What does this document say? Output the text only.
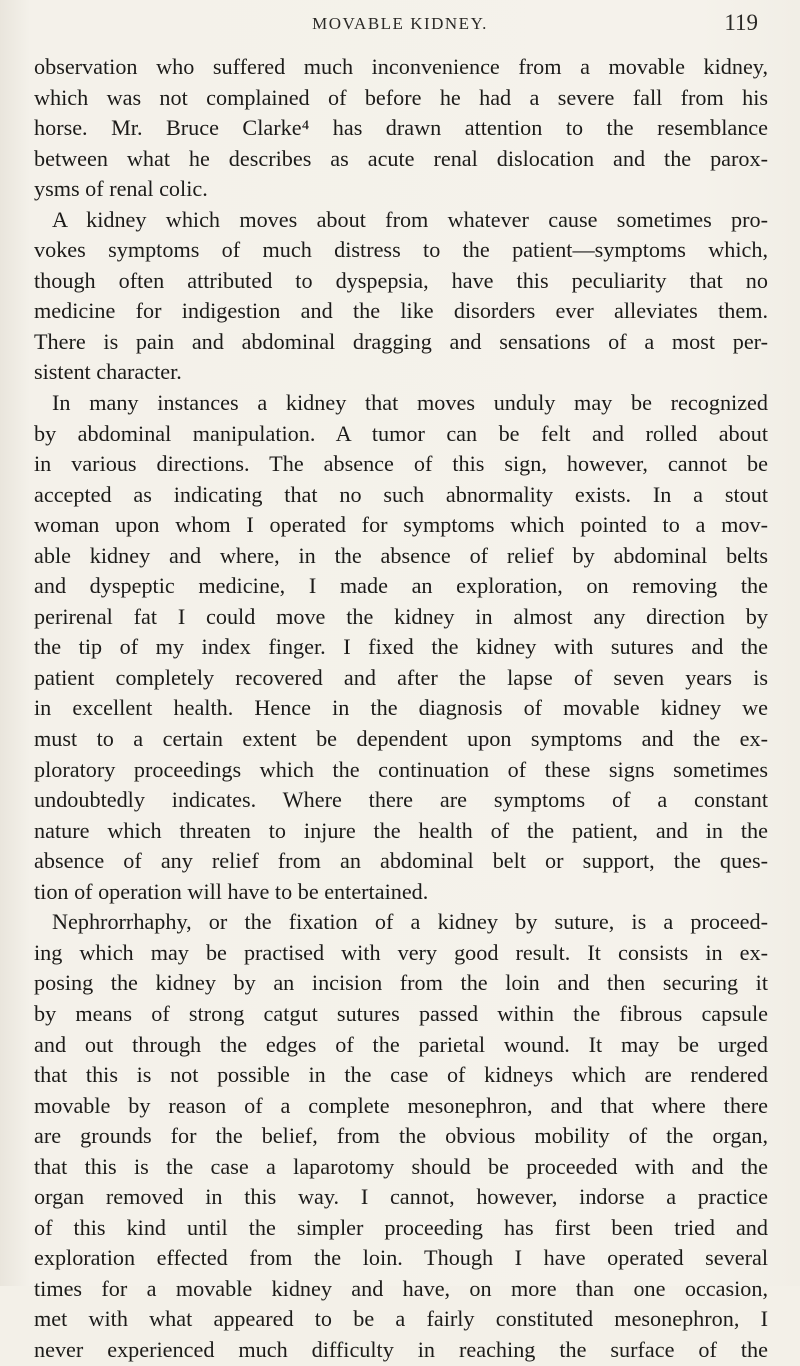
MOVABLE KIDNEY.	119
observation who suffered much inconvenience from a movable kidney,
which was not complained of before he had a severe fall from his
horse. Mr. Bruce Clarke⁴ has drawn attention to the resemblance
between what he describes as acute renal dislocation and the parox-
ysms of renal colic.
A kidney which moves about from whatever cause sometimes pro-
vokes symptoms of much distress to the patient—symptoms which,
though often attributed to dyspepsia, have this peculiarity that no
medicine for indigestion and the like disorders ever alleviates them.
There is pain and abdominal dragging and sensations of a most per-
sistent character.
In many instances a kidney that moves unduly may be recognized
by abdominal manipulation. A tumor can be felt and rolled about
in various directions. The absence of this sign, however, cannot be
accepted as indicating that no such abnormality exists. In a stout
woman upon whom I operated for symptoms which pointed to a mov-
able kidney and where, in the absence of relief by abdominal belts
and dyspeptic medicine, I made an exploration, on removing the
perirenal fat I could move the kidney in almost any direction by
the tip of my index finger. I fixed the kidney with sutures and the
patient completely recovered and after the lapse of seven years is
in excellent health. Hence in the diagnosis of movable kidney we
must to a certain extent be dependent upon symptoms and the ex-
ploratory proceedings which the continuation of these signs sometimes
undoubtedly indicates. Where there are symptoms of a constant
nature which threaten to injure the health of the patient, and in the
absence of any relief from an abdominal belt or support, the ques-
tion of operation will have to be entertained.
Nephrorrhaphy, or the fixation of a kidney by suture, is a proceed-
ing which may be practised with very good result. It consists in ex-
posing the kidney by an incision from the loin and then securing it
by means of strong catgut sutures passed within the fibrous capsule
and out through the edges of the parietal wound. It may be urged
that this is not possible in the case of kidneys which are rendered
movable by reason of a complete mesonephron, and that where there
are grounds for the belief, from the obvious mobility of the organ,
that this is the case a laparotomy should be proceeded with and the
organ removed in this way. I cannot, however, indorse a practice
of this kind until the simpler proceeding has first been tried and
exploration effected from the loin. Though I have operated several
times for a movable kidney and have, on more than one occasion,
met with what appeared to be a fairly constituted mesonephron, I
never experienced much difficulty in reaching the surface of the
